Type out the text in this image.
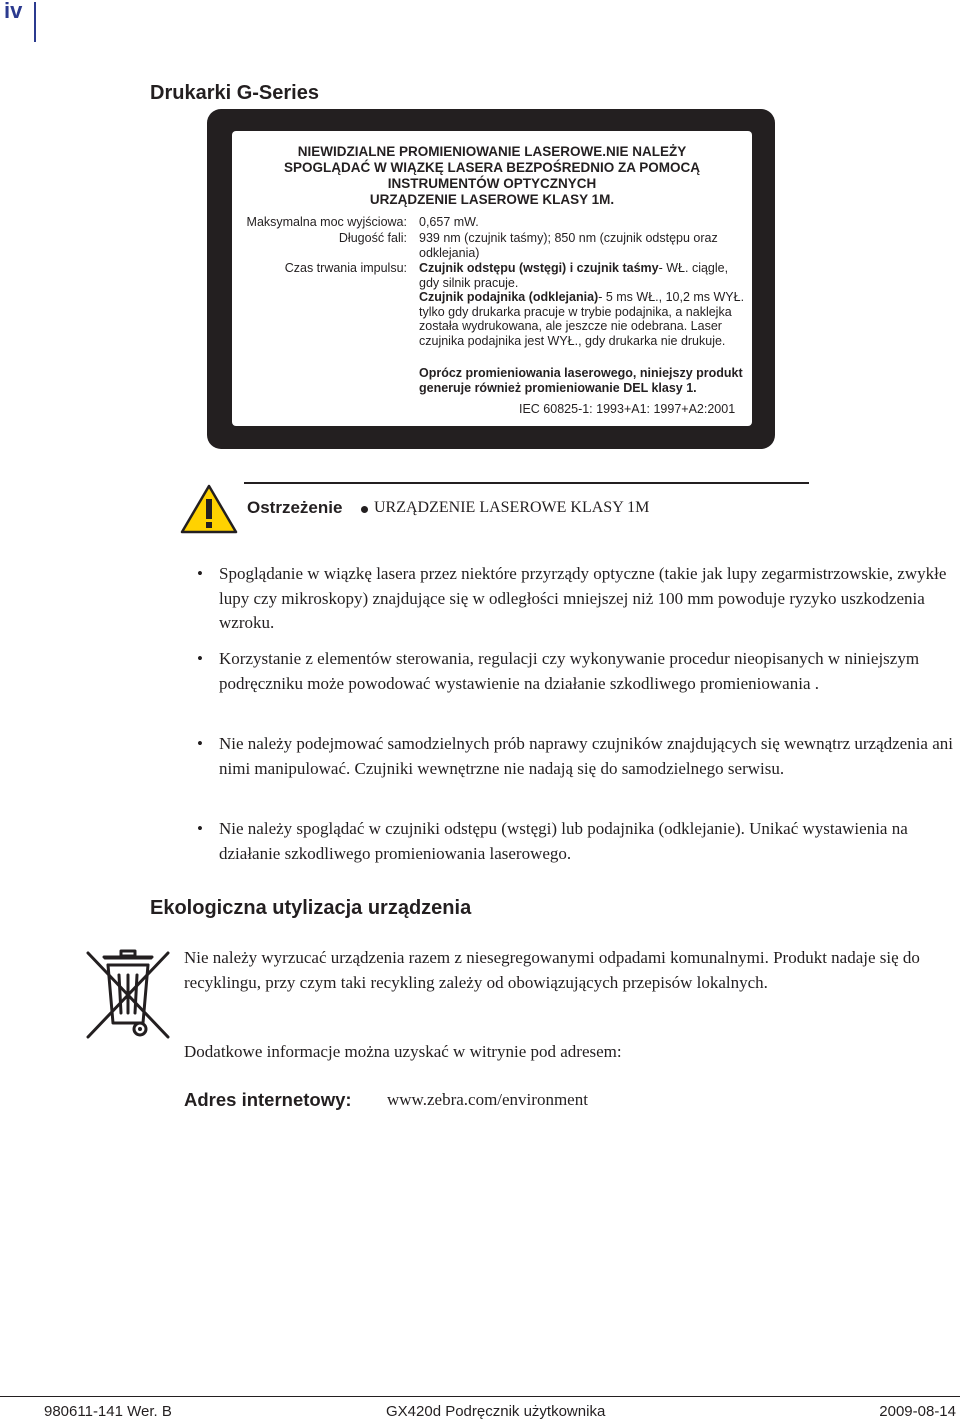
iv
Drukarki G-Series
NIEWIDZIALNE PROMIENIOWANIE LASEROWE.NIE NALEŻY
SPOGLĄDAĆ W WIĄZKĘ LASERA BEZPOŚREDNIO ZA POMOCĄ
INSTRUMENTÓW OPTYCZNYCH
URZĄDZENIE LASEROWE KLASY 1M.
Maksymalna moc wyjściowa: 0,657 mW.
Długość fali: 939 nm (czujnik taśmy); 850 nm (czujnik odstępu oraz odklejania)
Czas trwania impulsu: Czujnik odstępu (wstęgi) i czujnik taśmy- WŁ. ciągle, gdy silnik pracuje.
Czujnik podajnika (odklejania)- 5 ms WŁ., 10,2 ms WYŁ. tylko gdy drukarka pracuje w trybie podajnika, a naklejka została wydrukowana, ale jeszcze nie odebrana. Laser czujnika podajnika jest WYŁ., gdy drukarka nie drukuje.
Oprócz promieniowania laserowego, niniejszy produkt generuje również promieniowanie DEL klasy 1.
IEC 60825-1: 1993+A1: 1997+A2:2001
Ostrzeżenie URZĄDZENIE LASEROWE KLASY 1M
• Spoglądanie w wiązkę lasera przez niektóre przyrządy optyczne (takie jak lupy zegarmistrzowskie, zwykłe lupy czy mikroskopy) znajdujące się w odległości mniejszej niż 100 mm powoduje ryzyko uszkodzenia wzroku.
• Korzystanie z elementów sterowania, regulacji czy wykonywanie procedur nieopisanych w niniejszym podręczniku może powodować wystawienie na działanie szkodliwego promieniowania .
• Nie należy podejmować samodzielnych prób naprawy czujników znajdujących się wewnątrz urządzenia ani nimi manipulować. Czujniki wewnętrzne nie nadają się do samodzielnego serwisu.
• Nie należy spoglądać w czujniki odstępu (wstęgi) lub podajnika (odklejanie). Unikać wystawienia na działanie szkodliwego promieniowania laserowego.
Ekologiczna utylizacja urządzenia
Nie należy wyrzucać urządzenia razem z niesegregowanymi odpadami komunalnymi. Produkt nadaje się do recyklingu, przy czym taki recykling zależy od obowiązujących przepisów lokalnych.
Dodatkowe informacje można uzyskać w witrynie pod adresem:
Adres internetowy: www.zebra.com/environment
980611-141 Wer. B	GX420d Podręcznik użytkownika	2009-08-14
